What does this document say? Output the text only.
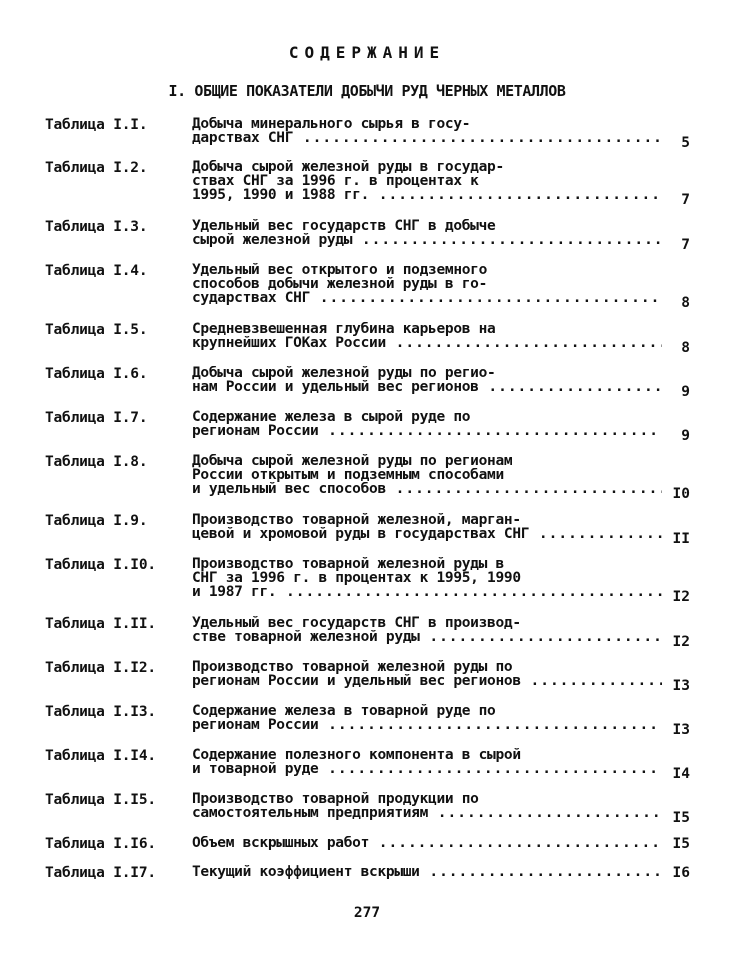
СОДЕРЖАНИЕ
I. ОБЩИЕ ПОКАЗАТЕЛИ ДОБЫЧИ РУД ЧЕРНЫХ МЕТАЛЛОВ
Таблица I.I.	Добыча минерального сырья в госу-
дарствах СНГ .....	5
Таблица I.2.	Добыча сырой железной руды в государ-
ствах СНГ за 1996 г. в процентах к
1995, 1990 и 1988 гг. .....	7
Таблица I.3.	Удельный вес государств СНГ в добыче
сырой железной руды .....	7
Таблица I.4.	Удельный вес открытого и подземного
способов добычи железной руды в го-
сударствах СНГ .....	8
Таблица I.5.	Средневзвешенная глубина карьеров на
крупнейших ГОКах России .....	8
Таблица I.6.	Добыча сырой железной руды по регио-
нам России и удельный вес регионов .....	9
Таблица I.7.	Содержание железа в сырой руде по
регионам России .....	9
Таблица I.8.	Добыча сырой железной руды по регионам
России открытым и подземным способами
и удельный вес способов .....	I0
Таблица I.9.	Производство товарной железной, марган-
цевой и хромовой руды в государствах СНГ .....	II
Таблица I.I0. Производство товарной железной руды в
СНГ за 1996 г. в процентах к 1995, 1990
и 1987 гг. .....	I2
Таблица I.II. Удельный вес государств СНГ в производ-
стве товарной железной руды .....	I2
Таблица I.I2. Производство товарной железной руды по
регионам России и удельный вес регионов .....	I3
Таблица I.I3. Содержание железа в товарной руде по
регионам России .....	I3
Таблица I.I4. Содержание полезного компонента в сырой
и товарной руде .....	I4
Таблица I.I5. Производство товарной продукции по
самостоятельным предприятиям .....	I5
Таблица I.I6. Объем вскрышных работ .....	I5
Таблица I.I7. Текущий коэффициент вскрыши .....	I6
277
